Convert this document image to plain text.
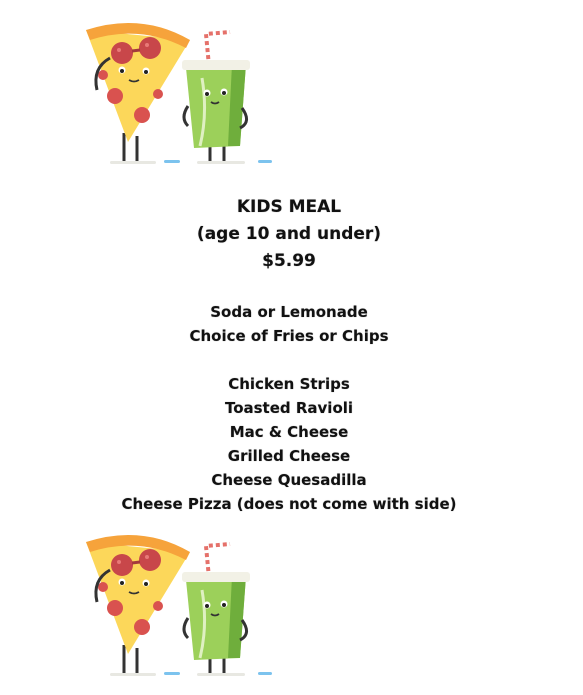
KIDS MEAL
(age 10 and under)
$5.99
Soda or Lemonade
Choice of Fries or Chips
Chicken Strips
Toasted Ravioli
Mac & Cheese
Grilled Cheese
Cheese Quesadilla
Cheese Pizza (does not come with side)
